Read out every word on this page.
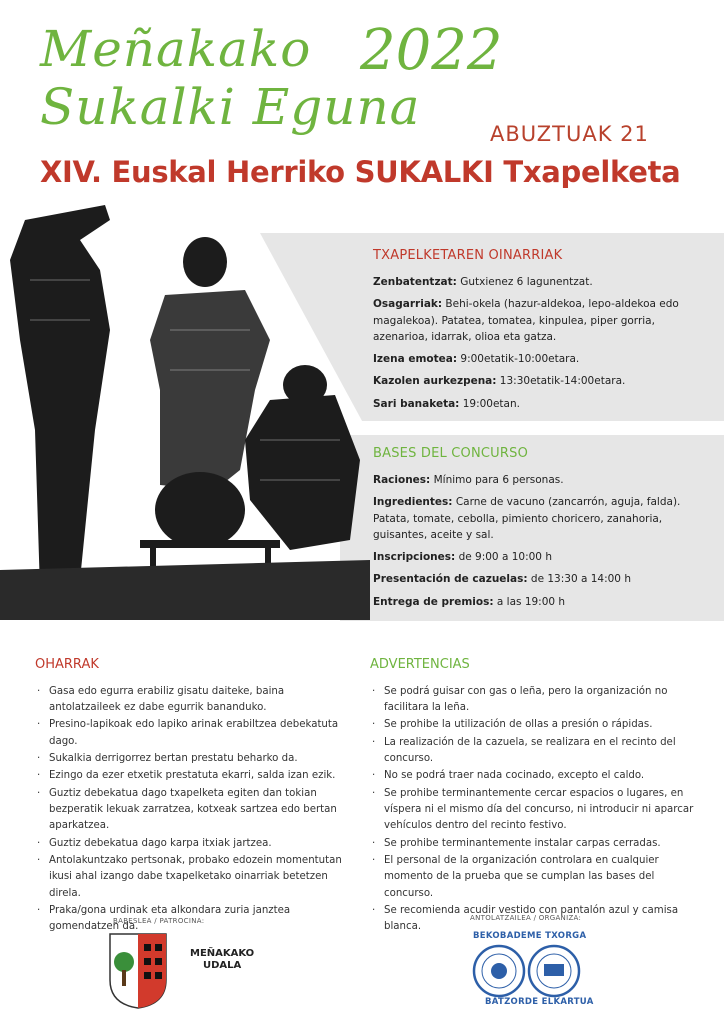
Meñakako 2022
Sukalki Eguna	ABUZTUAK 21
XIV. Euskal Herriko SUKALKI Txapelketa
TXAPELKETAREN OINARRIAK

Zenbatentzat: Gutxienez 6 lagunentzat.

Osagarriak: Behi-okela (hazur-aldekoa, lepo-aldekoa edo magalekoa). Patatea, tomatea, kinpulea, piper gorria, azenarioa, idarrak, olioa eta gatza.

Izena emotea: 9:00etatik-10:00etara.

Kazolen aurkezpena: 13:30etatik-14:00etara.

Sari banaketa: 19:00etan.

BASES DEL CONCURSO

Raciones: Mínimo para 6 personas.

Ingredientes: Carne de vacuno (zancarrón, aguja, falda). Patata, tomate, cebolla, pimiento choricero, zanahoria, guisantes, aceite y sal.

Inscripciones: de 9:00 a 10:00 h

Presentación de cazuelas: de 13:30 a 14:00 h

Entrega de premios: a las 19:00 h

OHARRAK
· Gasa edo egurra erabiliz gisatu daiteke, baina antolatzaileek ez dabe egurrik bananduko.
· Presino-lapikoak edo lapiko arinak erabiltzea debekatuta dago.
· Sukalkia derrigorrez bertan prestatu beharko da.
· Ezingo da ezer etxetik prestatuta ekarri, salda izan ezik.
· Guztiz debekatua dago txapelketa egiten dan tokian bezperatik lekuak zarratzea, kotxeak sartzea edo bertan aparkatzea.
· Guztiz debekatua dago karpa itxiak jartzea.
· Antolakuntzako pertsonak, probako edozein momentutan ikusi ahal izango dabe txapelketako oinarriak betetzen direla.
· Praka/gona urdinak eta alkondara zuria janztea gomendatzen da.
ADVERTENCIAS
· Se podrá guisar con gas o leña, pero la organización no facilitara la leña.
· Se prohibe la utilización de ollas a presión o rápidas.
· La realización de la cazuela, se realizara en el recinto del concurso.
· No se podrá traer nada cocinado, excepto el caldo.
· Se prohibe terminantemente cercar espacios o lugares, en víspera ni el mismo día del concurso, ni introducir ni aparcar vehículos dentro del recinto festivo.
· Se prohibe terminantemente instalar carpas cerradas.
· El personal de la organización controlara en cualquier momento de la prueba que se cumplan las bases del concurso.
· Se recomienda acudir vestido con pantalón azul y camisa blanca.
BABESLEA / PATROCINA:
MEÑAKAKO
UDALA
ANTOLATZAILEA / ORGANIZA:
BEKOBADEME TXORGA
BATZORDE ELKARTUA
